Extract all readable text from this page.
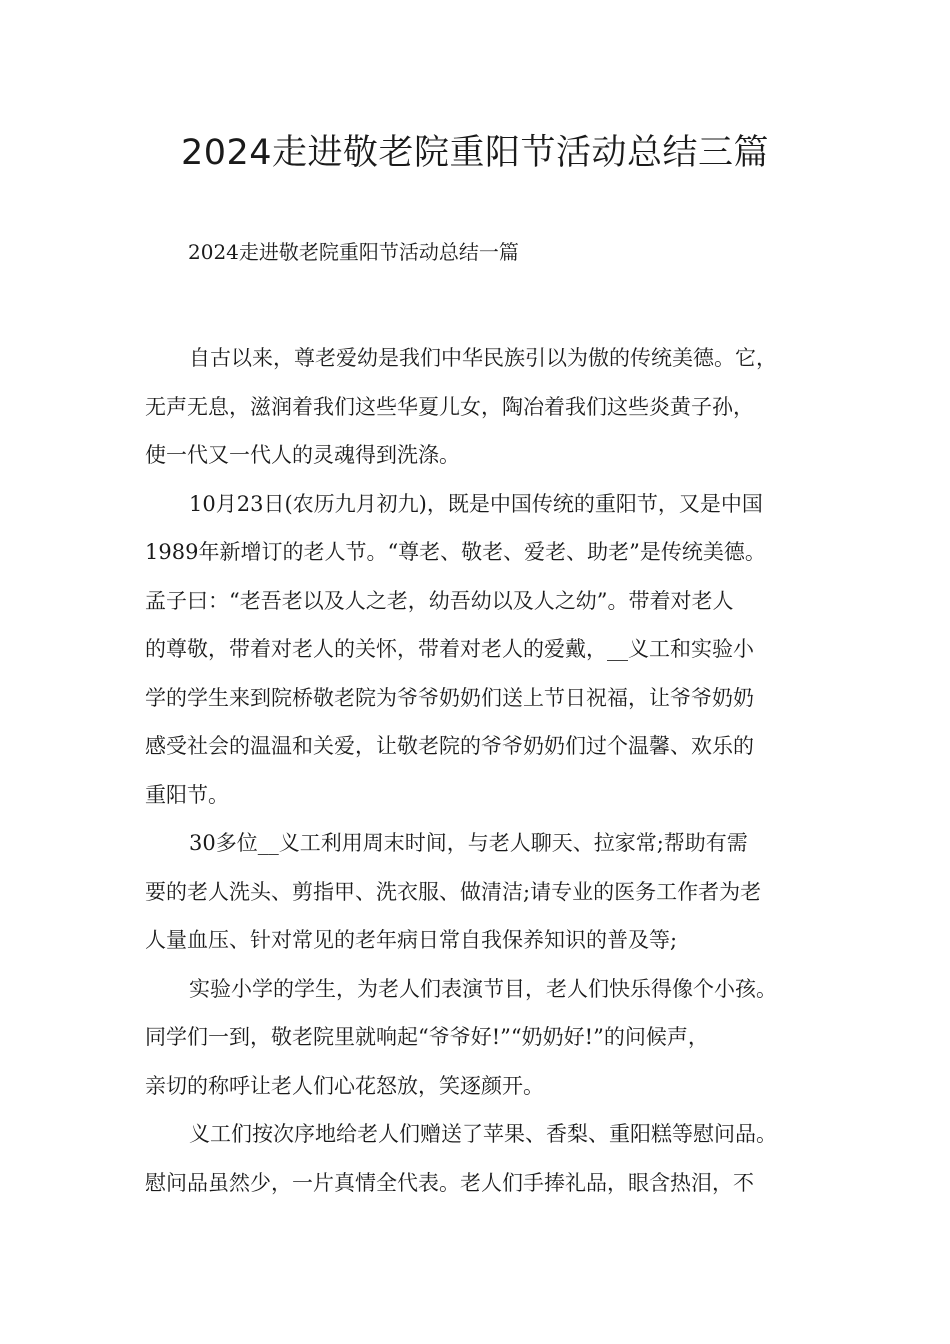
2024走进敬老院重阳节活动总结三篇

2024走进敬老院重阳节活动总结一篇

自古以来，尊老爱幼是我们中华民族引以为傲的传统美德。它，
无声无息，滋润着我们这些华夏儿女，陶冶着我们这些炎黄子孙，
使一代又一代人的灵魂得到洗涤。

10月23日(农历九月初九)，既是中国传统的重阳节，又是中国
1989年新增订的老人节。“尊老、敬老、爱老、助老”是传统美德。
孟子曰：“老吾老以及人之老，幼吾幼以及人之幼”。带着对老人
的尊敬，带着对老人的关怀，带着对老人的爱戴，__义工和实验小
学的学生来到院桥敬老院为爷爷奶奶们送上节日祝福，让爷爷奶奶
感受社会的温温和关爱，让敬老院的爷爷奶奶们过个温馨、欢乐的
重阳节。

30多位__义工利用周末时间，与老人聊天、拉家常;帮助有需
要的老人洗头、剪指甲、洗衣服、做清洁;请专业的医务工作者为老
人量血压、针对常见的老年病日常自我保养知识的普及等;

实验小学的学生，为老人们表演节目，老人们快乐得像个小孩。
同学们一到，敬老院里就响起“爷爷好!”“奶奶好!”的问候声，
亲切的称呼让老人们心花怒放，笑逐颜开。

义工们按次序地给老人们赠送了苹果、香梨、重阳糕等慰问品。
慰问品虽然少，一片真情全代表。老人们手捧礼品，眼含热泪，不
